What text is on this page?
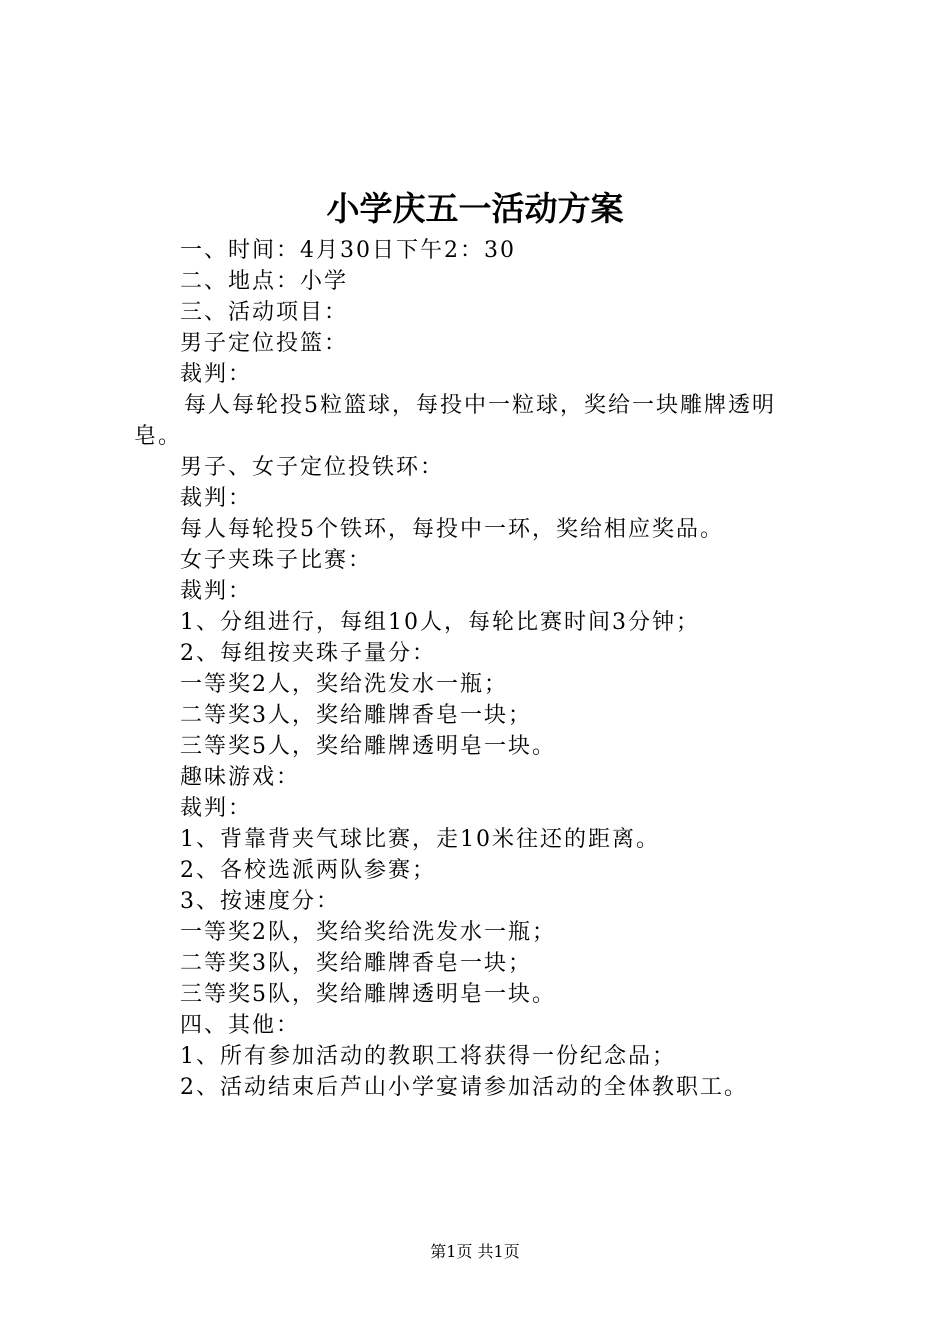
小学庆五一活动方案
一、时间：4月30日下午2：30
二、地点：小学
三、活动项目：
男子定位投篮：
裁判：
每人每轮投5粒篮球，每投中一粒球，奖给一块雕牌透明
皂。
男子、女子定位投铁环：
裁判：
每人每轮投5个铁环，每投中一环，奖给相应奖品。
女子夹珠子比赛：
裁判：
1、分组进行，每组10人，每轮比赛时间3分钟；
2、每组按夹珠子量分：
一等奖2人，奖给洗发水一瓶；
二等奖3人，奖给雕牌香皂一块；
三等奖5人，奖给雕牌透明皂一块。
趣味游戏：
裁判：
1、背靠背夹气球比赛，走10米往还的距离。
2、各校选派两队参赛；
3、按速度分：
一等奖2队，奖给奖给洗发水一瓶；
二等奖3队，奖给雕牌香皂一块；
三等奖5队，奖给雕牌透明皂一块。
四、其他：
1、所有参加活动的教职工将获得一份纪念品；
2、活动结束后芦山小学宴请参加活动的全体教职工。
第1页 共1页
